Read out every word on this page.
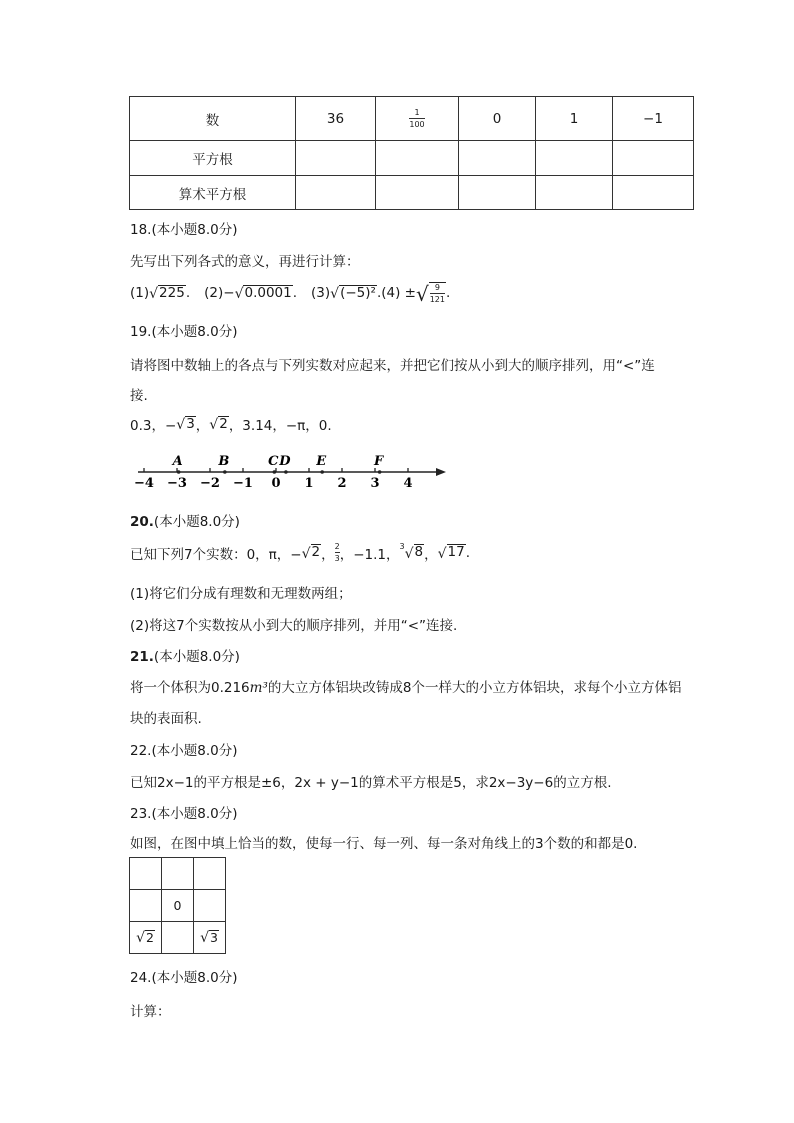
数	36	$\frac{1}{100}$	0	1	−1
平方根					
算术平方根					
18.(本小题8.0分)
先写出下列各式的意义，再进行计算：
(1) √ 225 . (2)− √ 0.0001 . (3) √ (−5)² .(4) ± √ $\frac{9}{121}$ .
19.(本小题8.0分)
请将图中数轴上的各点与下列实数对应起来，并把它们按从小到大的顺序排列，用“<”连
接.
0.3，− √ 3 ， √ 2 ，3.14，−π，0.
−4 −3 −2 −1 0 1 2 3 4
A	B	C D E	F
20.(本小题8.0分)
已知下列7个实数：0，π，− √ 2 ， $\frac{2}{3}$ ，−1.1， 3 √ 8 ， √ 17 .
(1)将它们分成有理数和无理数两组；
(2)将这7个实数按从小到大的顺序排列，并用“<”连接.
21.(本小题8.0分)
将一个体积为0.216m³的大立方体铝块改铸成8个一样大的小立方体铝块，求每个小立方体铝
块的表面积.
22.(本小题8.0分)
已知2x−1的平方根是±6，2x + y−1的算术平方根是5，求2x−3y−6的立方根.
23.(本小题8.0分)
如图，在图中填上恰当的数，使每一行、每一列、每一条对角线上的3个数的和都是0.

	0	

√ 2		√ 3
24.(本小题8.0分)
计算：
